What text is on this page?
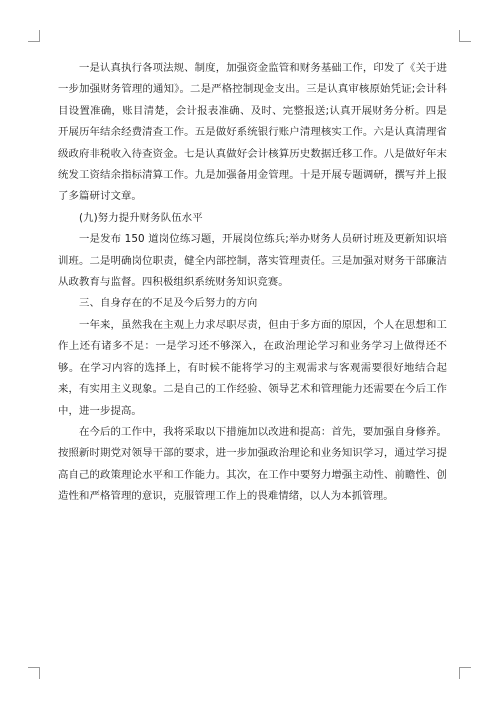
一是认真执行各项法规、制度，加强资金监管和财务基础工作，印发了《关于进一步加强财务管理的通知》。二是严格控制现金支出。三是认真审核原始凭证;会计科目设置准确，账目清楚，会计报表准确、及时、完整报送;认真开展财务分析。四是开展历年结余经费清查工作。五是做好系统银行账户清理核实工作。六是认真清理省级政府非税收入待查资金。七是认真做好会计核算历史数据迁移工作。八是做好年末统发工资结余指标清算工作。九是加强备用金管理。十是开展专题调研，撰写并上报了多篇研讨文章。

(九)努力提升财务队伍水平

一是发布 150 道岗位练习题，开展岗位练兵;举办财务人员研讨班及更新知识培训班。二是明确岗位职责，健全内部控制，落实管理责任。三是加强对财务干部廉洁从政教育与监督。四积极组织系统财务知识竞赛。

三、自身存在的不足及今后努力的方向

一年来，虽然我在主观上力求尽职尽责，但由于多方面的原因，个人在思想和工作上还有诸多不足：一是学习还不够深入，在政治理论学习和业务学习上做得还不够。在学习内容的选择上，有时候不能将学习的主观需求与客观需要很好地结合起来，有实用主义现象。二是自己的工作经验、领导艺术和管理能力还需要在今后工作中，进一步提高。

在今后的工作中，我将采取以下措施加以改进和提高：首先，要加强自身修养。按照新时期党对领导干部的要求，进一步加强政治理论和业务知识学习，通过学习提高自己的政策理论水平和工作能力。其次，在工作中要努力增强主动性、前瞻性、创造性和严格管理的意识，克服管理工作上的畏难情绪，以人为本抓管理。
